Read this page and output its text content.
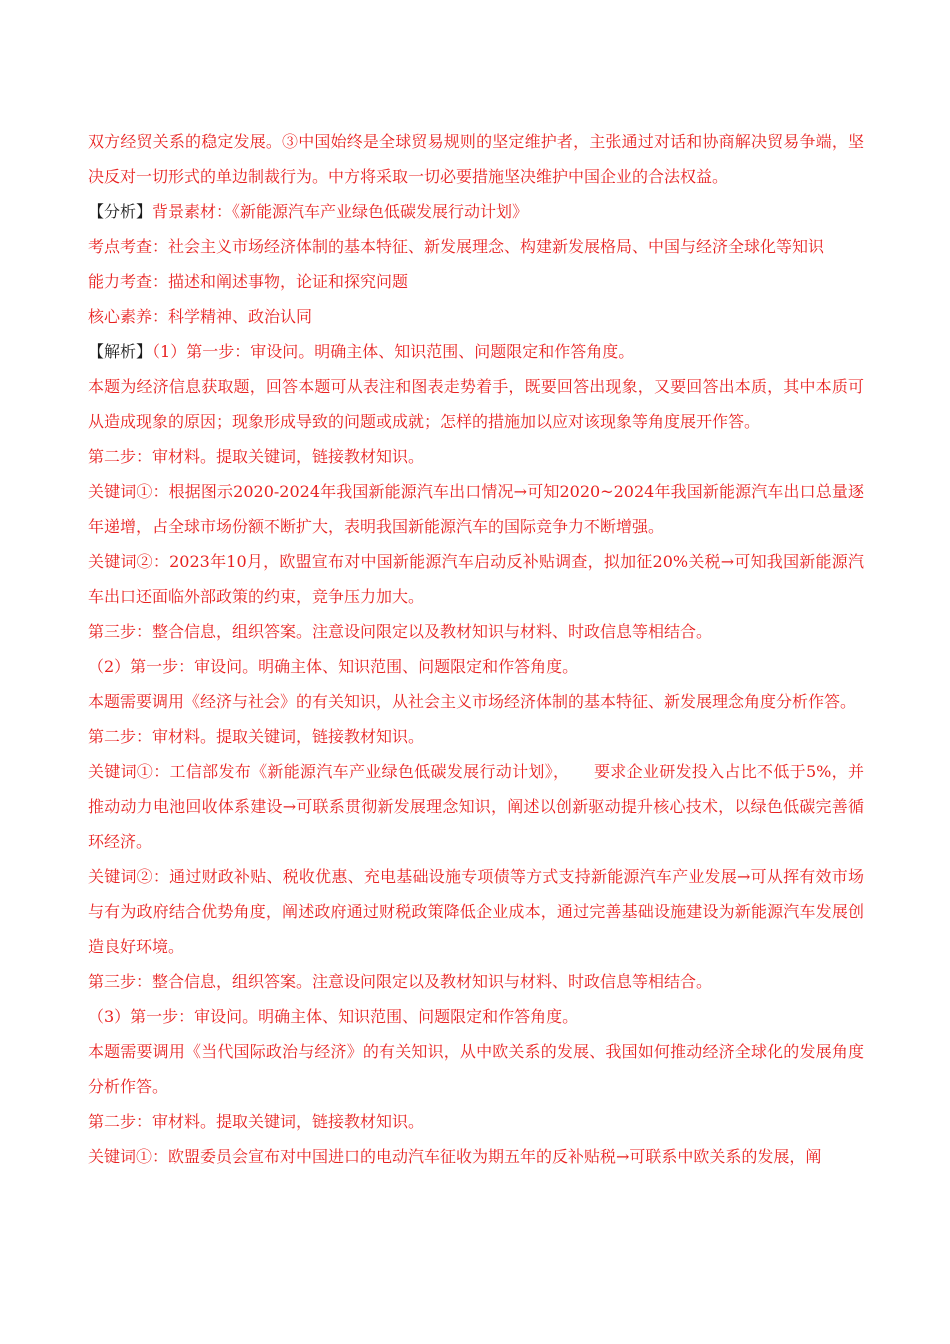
双方经贸关系的稳定发展。③中国始终是全球贸易规则的坚定维护者，主张通过对话和协商解决贸易争端，坚决反对一切形式的单边制裁行为。中方将采取一切必要措施坚决维护中国企业的合法权益。

【分析】背景素材：《新能源汽车产业绿色低碳发展行动计划》

考点考查：社会主义市场经济体制的基本特征、新发展理念、构建新发展格局、中国与经济全球化等知识

能力考查：描述和阐述事物，论证和探究问题

核心素养：科学精神、政治认同

【解析】（1）第一步：审设问。明确主体、知识范围、问题限定和作答角度。

本题为经济信息获取题，回答本题可从表注和图表走势着手，既要回答出现象，又要回答出本质，其中本质可从造成现象的原因；现象形成导致的问题或成就；怎样的措施加以应对该现象等角度展开作答。

第二步：审材料。提取关键词，链接教材知识。

关键词①：根据图示2020-2024年我国新能源汽车出口情况→可知2020~2024年我国新能源汽车出口总量逐年递增，占全球市场份额不断扩大，表明我国新能源汽车的国际竞争力不断增强。

关键词②：2023年10月，欧盟宣布对中国新能源汽车启动反补贴调查，拟加征20%关税→可知我国新能源汽车出口还面临外部政策的约束，竞争压力加大。

第三步：整合信息，组织答案。注意设问限定以及教材知识与材料、时政信息等相结合。

（2）第一步：审设问。明确主体、知识范围、问题限定和作答角度。

本题需要调用《经济与社会》的有关知识，从社会主义市场经济体制的基本特征、新发展理念角度分析作答。

第二步：审材料。提取关键词，链接教材知识。

关键词①：工信部发布《新能源汽车产业绿色低碳发展行动计划》，　　要求企业研发投入占比不低于5%，并推动动力电池回收体系建设→可联系贯彻新发展理念知识，阐述以创新驱动提升核心技术，以绿色低碳完善循环经济。

关键词②：通过财政补贴、税收优惠、充电基础设施专项债等方式支持新能源汽车产业发展→可从挥有效市场与有为政府结合优势角度，阐述政府通过财税政策降低企业成本，通过完善基础设施建设为新能源汽车发展创造良好环境。

第三步：整合信息，组织答案。注意设问限定以及教材知识与材料、时政信息等相结合。

（3）第一步：审设问。明确主体、知识范围、问题限定和作答角度。

本题需要调用《当代国际政治与经济》的有关知识，从中欧关系的发展、我国如何推动经济全球化的发展角度分析作答。

第二步：审材料。提取关键词，链接教材知识。

关键词①：欧盟委员会宣布对中国进口的电动汽车征收为期五年的反补贴税→可联系中欧关系的发展，阐
